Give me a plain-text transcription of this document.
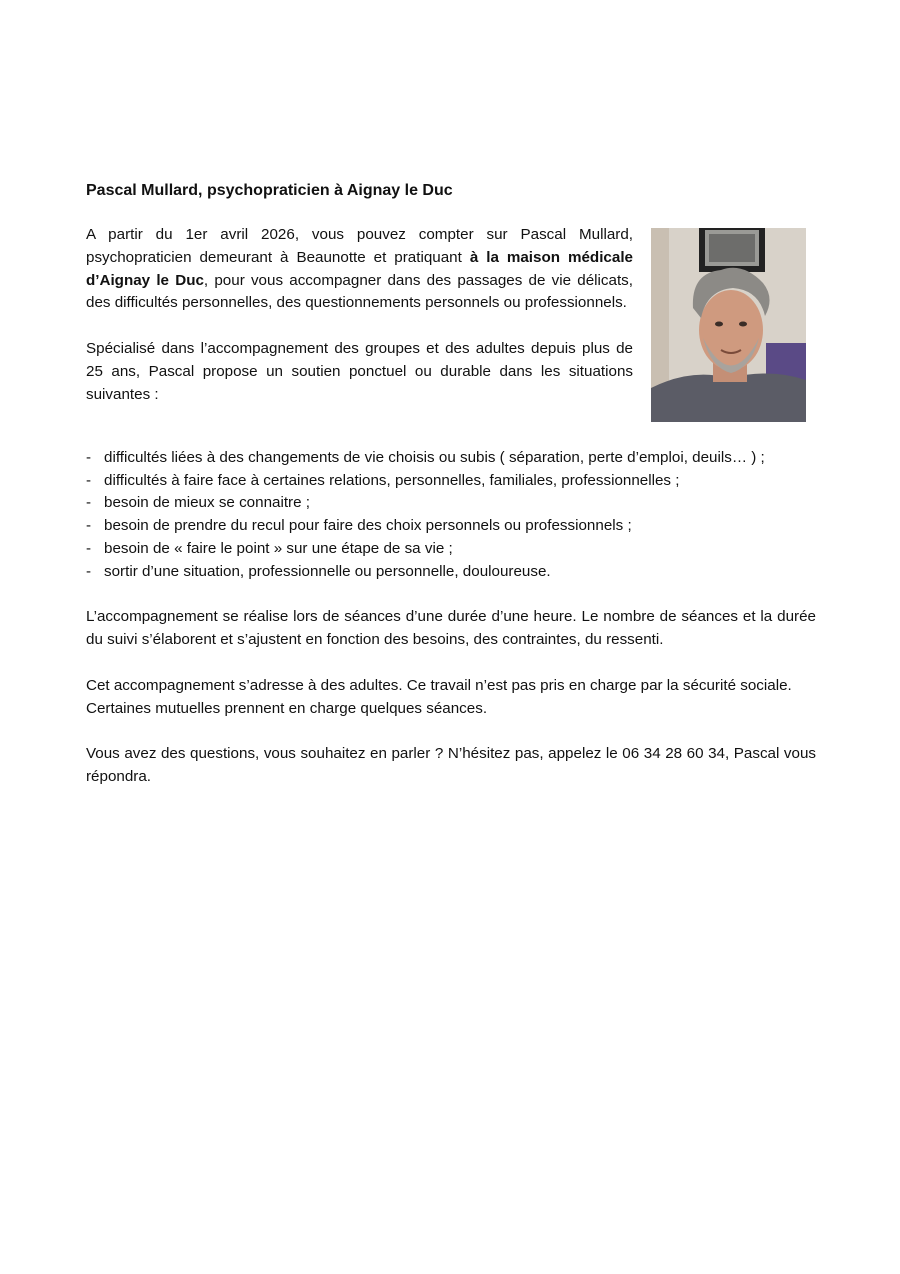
Pascal Mullard, psychopraticien à Aignay le Duc

A partir du 1er avril 2026, vous pouvez compter sur Pascal Mullard, psychopraticien demeurant à Beaunotte et pratiquant à la maison médicale d’Aignay le Duc, pour vous accompagner dans des passages de vie délicats, des difficultés personnelles, des questionnements personnels ou professionnels.

Spécialisé dans l’accompagnement des groupes et des adultes depuis plus de 25 ans, Pascal propose un soutien ponctuel ou durable dans les situations suivantes :

- difficultés liées à des changements de vie choisis ou subis ( séparation, perte d’emploi, deuils… ) ;
- difficultés à faire face à certaines relations, personnelles, familiales, professionnelles ;
- besoin de mieux se connaitre ;
- besoin de prendre du recul pour faire des choix personnels ou professionnels ;
- besoin de « faire le point » sur une étape de sa vie ;
- sortir d’une situation, professionnelle ou personnelle, douloureuse.

L’accompagnement se réalise lors de séances d’une durée d’une heure. Le nombre de séances et la durée du suivi s’élaborent et s’ajustent en fonction des besoins, des contraintes, du ressenti.

Cet accompagnement s’adresse à des adultes. Ce travail n’est pas pris en charge par la sécurité sociale. Certaines mutuelles prennent en charge quelques séances.

Vous avez des questions, vous souhaitez en parler ? N’hésitez pas, appelez le 06 34 28 60 34, Pascal vous répondra.
